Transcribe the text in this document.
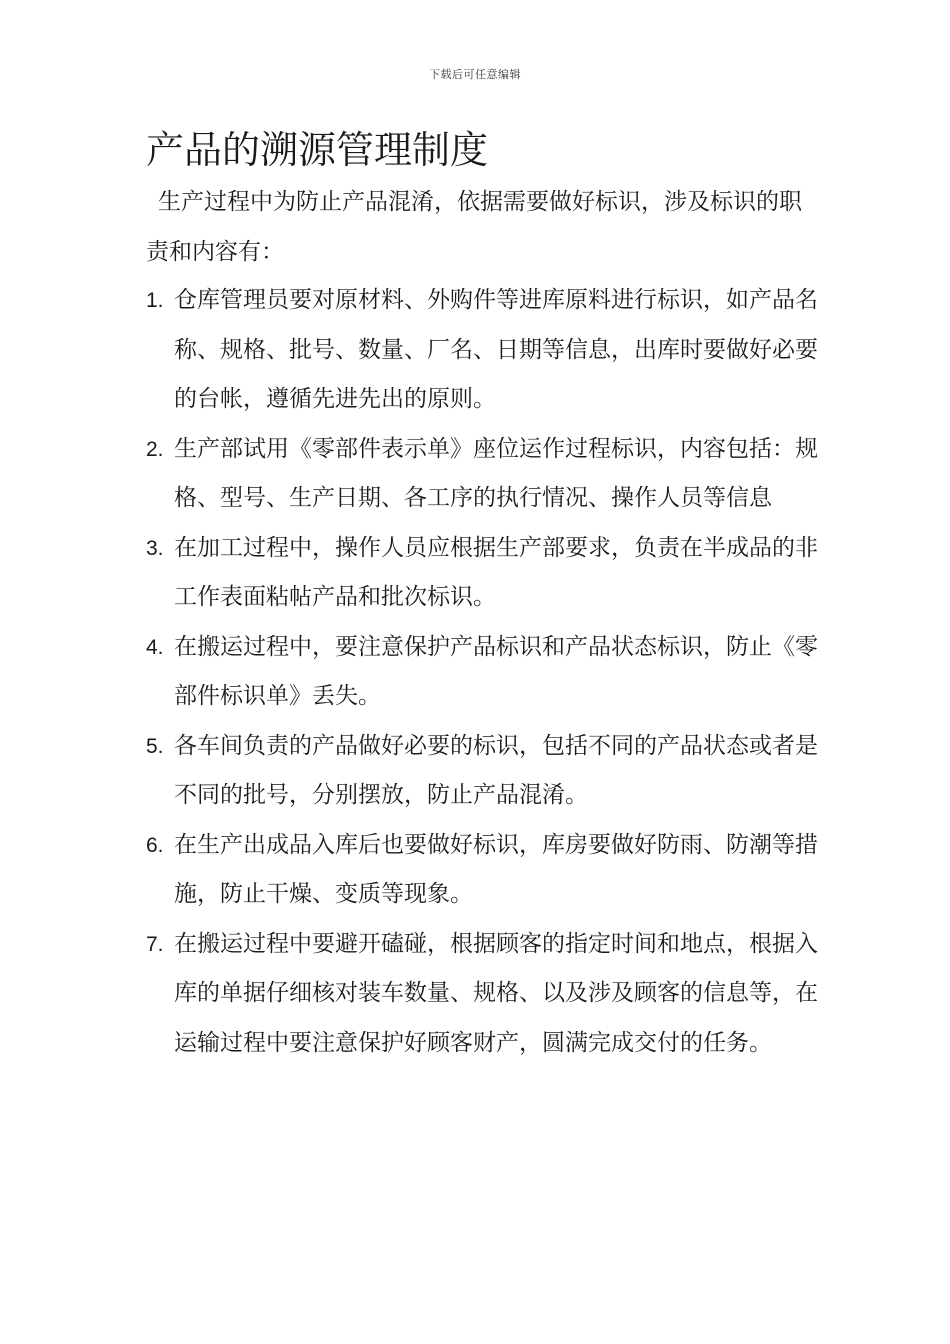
下载后可任意编辑
产品的溯源管理制度

生产过程中为防止产品混淆，依据需要做好标识，涉及标识的职责和内容有：

1. 仓库管理员要对原材料、外购件等进库原料进行标识，如产品名称、规格、批号、数量、厂名、日期等信息，出库时要做好必要的台帐，遵循先进先出的原则。
2. 生产部试用《零部件表示单》座位运作过程标识，内容包括：规格、型号、生产日期、各工序的执行情况、操作人员等信息
3. 在加工过程中，操作人员应根据生产部要求，负责在半成品的非工作表面粘帖产品和批次标识。
4. 在搬运过程中，要注意保护产品标识和产品状态标识，防止《零部件标识单》丢失。
5. 各车间负责的产品做好必要的标识，包括不同的产品状态或者是不同的批号，分别摆放，防止产品混淆。
6. 在生产出成品入库后也要做好标识，库房要做好防雨、防潮等措施，防止干燥、变质等现象。
7. 在搬运过程中要避开磕碰，根据顾客的指定时间和地点，根据入库的单据仔细核对装车数量、规格、以及涉及顾客的信息等，在运输过程中要注意保护好顾客财产，圆满完成交付的任务。
